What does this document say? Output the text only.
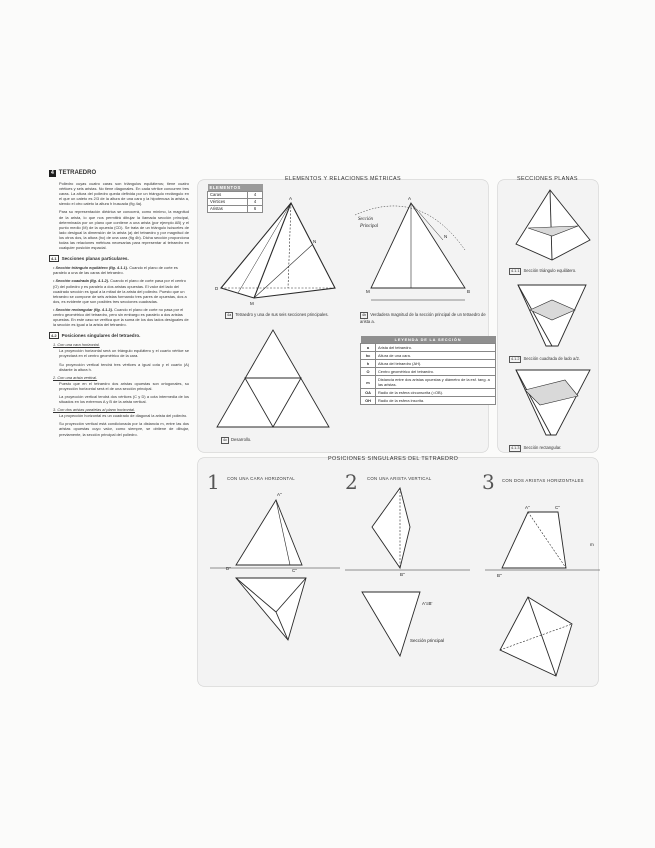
4 TETRAEDRO

Poliedro cuyas cuatro caras son triángulos equiláteros; tiene cuatro vértices y seis aristas. No tiene diagonales. En cada vértice concurren tres caras. La altura del poliedro queda definida por un triángulo rectángulo en el que un cateto es 2/3 de la altura de una cara y la hipotenusa la arista a, siendo el otro cateto la altura h buscada (fig 4a).

Para su representación diédrica se conocerá, como mínimo, la magnitud de la arista, lo que nos permitirá dibujar la llamada sección principal, determinada por un plano que contiene a una arista (por ejemplo AB) y el punto medio (M) de la opuesta (CD). Se trata de un triángulo isósceles de lado desigual la dimensión de la arista (a) del tetraedro y por magnitud de los otros dos, la altura (hc) de una cara (fig 4b). Dicha sección proporciona todas las relaciones métricas necesarias para representar al tetraedro en cualquier posición espacial.

4.1	Secciones planas particulares.

• Sección triángulo equilátero (fig. 4.1.1). Cuando el plano de corte es paralelo a una de las caras del tetraedro.

• Sección cuadrada (fig. 4.1.2). Cuando el plano de corte pasa por el centro (O) del poliedro y es paralelo a dos aristas opuestas. El valor del lado del cuadrado sección es igual a la mitad de la arista del poliedro. Puesto que un tetraedro se compone de seis aristas formando tres pares de opuestas, dos a dos, es evidente que son posibles tres secciones cuadradas.

• Sección rectangular (fig. 4.1.3). Cuando el plano de corte no pasa por el centro geométrico del tetraedro, pero sin embargo es paralelo a dos aristas opuestas. En este caso se verifica que la suma de los dos lados desiguales de la sección es igual a la arista del tetraedro.

4.2	Posiciones singulares del tetraedro.
1. Con una cara horizontal.

La proyección horizontal será un triángulo equilátero y el cuarto vértice se proyectará en el centro geométrico de la cara.

Su proyección vertical tendrá tres vértices a igual cota y el cuarto (A) distante la altura h.

2. Con una arista vertical.

Puesto que en el tetraedro dos aristas opuestas son ortogonales, su proyección horizontal será el de una sección principal.

La proyección vertical tendrá dos vértices (C y D) a cota intermedia de los situados en los extremos A y B de la arista vertical.

3. Con dos aristas paralelas al plano horizontal.

La proyección horizontal es un cuadrado de diagonal la arista del poliedro.

Su proyección vertical está condicionada por la distancia m, entre las dos aristas opuestas cuyo valor, como siempre, se obtiene de dibujar, previamente, la sección principal del poliedro.

ELEMENTOS Y RELACIONES MÉTRICAS	SECCIONES PLANAS
POSICIONES SINGULARES DEL TETRAEDRO
ELEMENTOS	
Caras	4
Vértices	4
Aristas	6
LEYENDA DE LA SECCIÓN	
a	Arista del tetraedro.
hc	Altura de una cara.
h	Altura del tetraedro (AH).
O	Centro geométrico del tetraedro.
m	Distancia entre dos aristas opuestas y diámetro de la esf. tang. a las aristas.
OA	Radio de la esfera circunscrita (=OB).
OH	Radio de la esfera inscrita.
4a Tetraedro y una de sus seis secciones principales.	4b Verdadera magnitud de la sección principal de un tetraedro de arista a.
4c Desarrollo.
4.1.1 Sección triángulo equilátero.
4.1.2 Sección cuadrada de lado a/2.
4.1.3 Sección rectangular.
1 CON UNA CARA HORIZONTAL	2 CON UNA ARISTA VERTICAL	3 CON DOS ARISTAS HORIZONTALES
A
D
M
N
A
M	B
N
Sección
Principal
A''
D''	C''
B''
A'≡B'
Sección principal
A''	C''
B''
m
